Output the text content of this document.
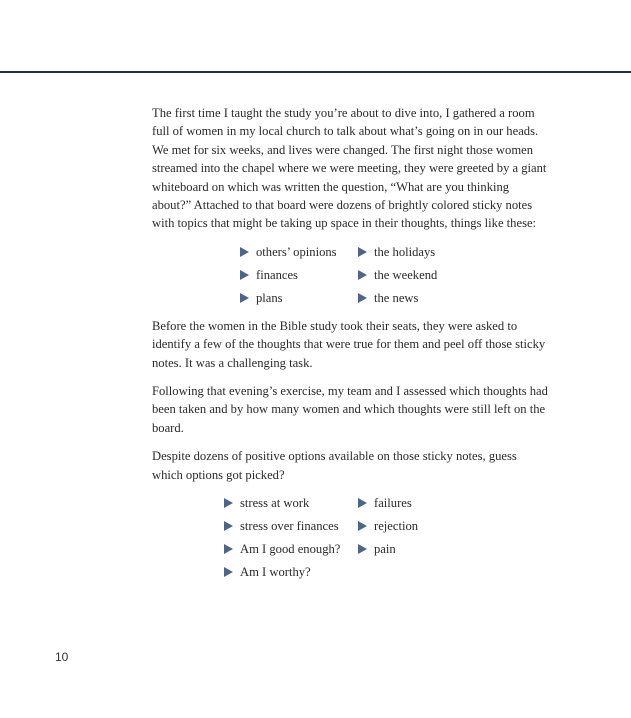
The first time I taught the study you’re about to dive into, I gathered a room full of women in my local church to talk about what’s going on in our heads. We met for six weeks, and lives were changed. The first night those women streamed into the chapel where we were meeting, they were greeted by a giant whiteboard on which was written the question, “What are you thinking about?” Attached to that board were dozens of brightly colored sticky notes with topics that might be taking up space in their thoughts, things like these:

others’ opinions	the holidays
finances	the weekend
plans	the news

Before the women in the Bible study took their seats, they were asked to identify a few of the thoughts that were true for them and peel off those sticky notes. It was a challenging task.

Following that evening’s exercise, my team and I assessed which thoughts had been taken and by how many women and which thoughts were still left on the board.

Despite dozens of positive options available on those sticky notes, guess which options got picked?

stress at work	failures
stress over finances	rejection
Am I good enough?	pain
Am I worthy?
10
